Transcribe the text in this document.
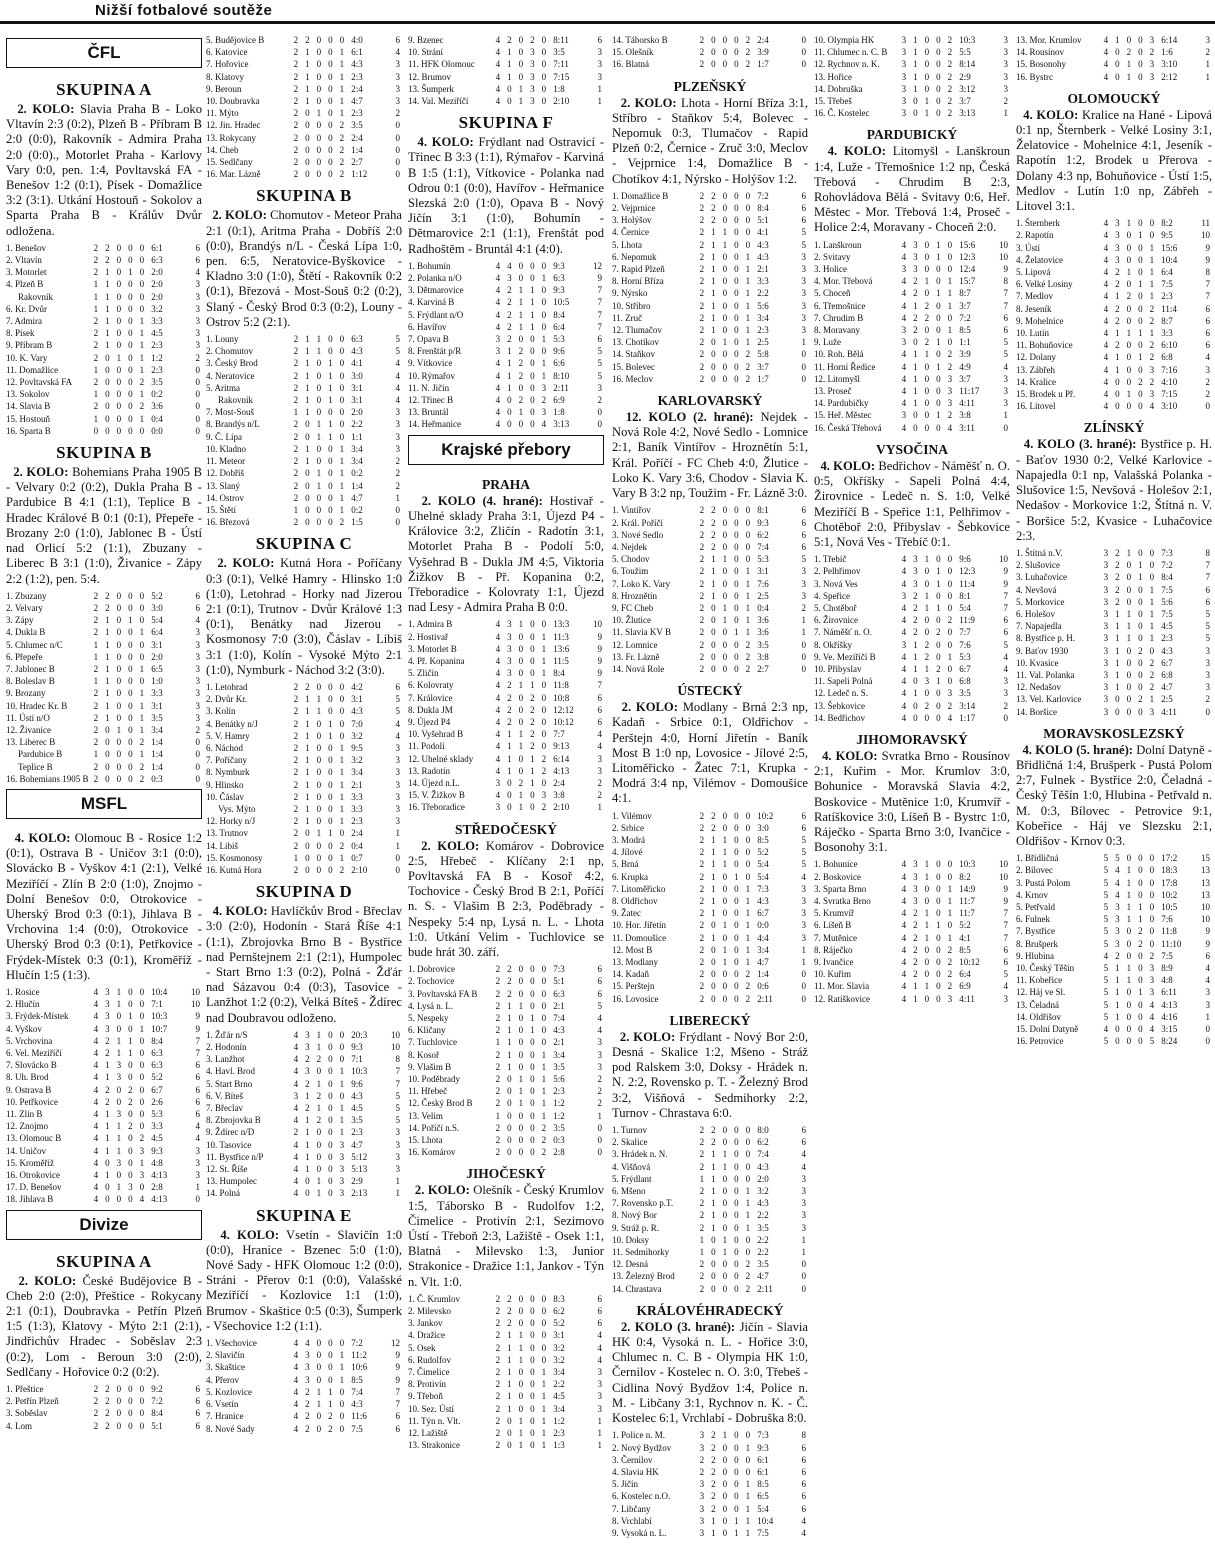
Nižší fotbalové soutěže
ČFL
SKUPINA A

2. KOLO: Slavia Praha B - Loko Vltavín 2:3 (0:2), Plzeň B - Příbram B 2:0 (0:0), Rakovník - Admira Praha 2:0 (0:0)., Motorlet Praha - Karlovy Vary 0:0, pen. 1:4, Povltavská FA - Benešov 1:2 (0:1), Písek - Domažlice 3:2 (3:1). Utkání Hostouň - Sokolov a Sparta Praha B - Králův Dvůr odložena.

1. Benešov	2	2	0	0	0	6:1	6
2. Vltavín	2	2	0	0	0	6:3	6
3. Motorlet	2	1	0	1	0	2:0	4
4. Plzeň B	1	1	0	0	0	2:0	3
Rakovník	1	1	0	0	0	2:0	3
6. Kr. Dvůr	1	1	0	0	0	3:2	3
7. Admira	2	1	0	0	1	3:3	3
8. Písek	2	1	0	0	1	4:5	3
9. Příbram B	2	1	0	0	1	2:3	3
10. K. Vary	2	0	1	0	1	1:2	2
11. Domažlice	1	0	0	0	1	2:3	0
12. Povltavská FA	2	0	0	0	2	3:5	0
13. Sokolov	1	0	0	0	1	0:2	0
14. Slavia B	2	0	0	0	2	3:6	0
15. Hostouň	1	0	0	0	1	0:4	0
16. Sparta B	0	0	0	0	0	0:0	0
SKUPINA B

2. KOLO: Bohemians Praha 1905 B - Velvary 0:2 (0:2), Dukla Praha B - Pardubice B 4:1 (1:1), Teplice B - Hradec Králové B 0:1 (0:1), Přepeře - Brozany 2:0 (1:0), Jablonec B - Ústí nad Orlicí 5:2 (1:1), Zbuzany - Liberec B 3:1 (1:0), Živanice - Zápy 2:2 (1:2), pen. 5:4.

1. Zbuzany	2	2	0	0	0	5:2	6
2. Velvary	2	2	0	0	0	3:0	6
3. Zápy	2	1	0	1	0	5:4	4
4. Dukla B	2	1	0	0	1	6:4	3
5. Chlumec n/C	1	1	0	0	0	3:1	3
6. Přepeře	1	1	0	0	0	2:0	3
7. Jablonec B	2	1	0	0	1	6:5	3
8. Boleslav B	1	1	0	0	0	1:0	3
9. Brozany	2	1	0	0	1	3:3	3
10. Hradec Kr. B	2	1	0	0	1	3:1	3
11. Ústí n/O	2	1	0	0	1	3:5	3
12. Živanice	2	0	1	0	1	3:4	2
13. Liberec B	2	0	0	0	2	1:4	0
Pardubice B	1	0	0	0	1	1:4	0
Teplice B	2	0	0	0	2	1:4	0
16. Bohemians 1905 B	2	0	0	0	2	0:3	0
MSFL

4. KOLO: Olomouc B - Rosice 1:2 (0:1), Ostrava B - Uničov 3:1 (0:0), Slovácko B - Vyškov 4:1 (2:1), Velké Meziříčí - Zlín B 2:0 (1:0), Znojmo - Dolní Benešov 0:0, Otrokovice - Uherský Brod 0:3 (0:1), Jihlava B - Vrchovina 1:4 (0:0), Otrokovice - Uherský Brod 0:3 (0:1), Petřkovice - Frýdek-Místek 0:3 (0:1), Kroměříž - Hlučín 1:5 (1:3).

1. Rosice	4	3	1	0	0	10:4	10
2. Hlučín	4	3	1	0	0	7:1	10
3. Frýdek-Místek	4	3	0	1	0	10:3	9
4. Vyškov	4	3	0	0	1	10:7	9
5. Vrchovina	4	2	1	1	0	8:4	7
6. Vel. Meziříčí	4	2	1	1	0	6:3	7
7. Slovácko B	4	1	3	0	0	6:3	6
8. Uh. Brod	4	1	3	0	0	5:2	6
9. Ostrava B	4	2	0	2	0	6:7	6
10. Petřkovice	4	2	0	2	0	2:6	6
11. Zlín B	4	1	3	0	0	5:3	6
12. Znojmo	4	1	1	2	0	3:3	4
13. Olomouc B	4	1	1	0	2	4:5	4
14. Uničov	4	1	1	0	3	9:3	3
15. Kroměříž	4	0	3	0	1	4:8	3
16. Otrokovice	4	1	0	0	3	4:13	3
17. D. Benešov	4	0	1	3	0	2:8	1
18. Jihlava B	4	0	0	0	4	4:13	0
Divize
SKUPINA A

2. KOLO: České Budějovice B - Cheb 2:0 (2:0), Přeštice - Rokycany 2:1 (0:1), Doubravka - Petřín Plzeň 1:5 (1:3), Klatovy - Mýto 2:1 (2:1), Jindřichův Hradec - Soběslav 2:3 (0:2), Lom - Beroun 3:0 (2:0), Sedlčany - Hořovice 0:2 (0:2).

1. Přeštice	2	2	0	0	0	9:2	6
2. Petřín Plzeň	2	2	0	0	0	7:2	6
3. Soběslav	2	2	0	0	0	8:4	6
4. Lom	2	2	0	0	0	5:1	6
5. Budějovice B	2	2	0	0	0	4:0	6
6. Katovice	2	1	0	0	1	6:1	4
7. Hořovice	2	1	0	0	1	4:3	3
8. Klatovy	2	1	0	0	1	2:3	3
9. Beroun	2	1	0	0	1	2:4	3
10. Doubravka	2	1	0	0	1	4:7	3
11. Mýto	2	0	1	0	1	2:3	2
12. Jin. Hradec	2	0	0	0	2	3:5	0
13. Rokycany	2	0	0	0	2	2:4	0
14. Cheb	2	0	0	0	2	1:4	0
15. Sedlčany	2	0	0	0	2	2:7	0
16. Mar. Lázně	2	0	0	0	2	1:12	0
SKUPINA B

2. KOLO: Chomutov - Meteor Praha 2:1 (0:1), Aritma Praha - Dobříš 2:0 (0:0), Brandýs n/L - Česká Lípa 1:0, pen. 6:5, Neratovice-Byškovice - Kladno 3:0 (1:0), Štětí - Rakovník 0:2 (0:1), Březová - Most-Souš 0:2 (0:2), Slaný - Český Brod 0:3 (0:2), Louny - Ostrov 5:2 (2:1).

1. Louny	2	1	1	0	0	6:3	5
2. Chomutov	2	1	1	0	0	4:3	5
3. Český Brod	2	1	0	1	0	4:1	4
4. Neratovice	2	1	0	1	0	3:0	4
5. Aritma	2	1	0	1	0	3:1	4
Rakovník	2	1	0	1	0	3:1	4
7. Most-Souš	1	1	0	0	0	2:0	3
8. Brandýs n/L	2	0	1	1	0	2:2	3
9. Č. Lípa	2	0	1	1	0	1:1	3
10. Kladno	2	1	0	0	1	3:4	3
11. Meteor	2	1	0	0	1	3:4	2
12. Dobříš	2	0	1	0	1	0:2	2
13. Slaný	2	0	1	0	1	1:4	2
14. Ostrov	2	0	0	0	1	4:7	1
15. Štětí	1	0	0	0	1	0:2	0
16. Březová	2	0	0	0	2	1:5	0
SKUPINA C

2. KOLO: Kutná Hora - Poříčany 0:3 (0:1), Velké Hamry - Hlinsko 1:0 (1:0), Letohrad - Horky nad Jizerou 2:1 (0:1), Trutnov - Dvůr Králové 1:3 (0:1), Benátky nad Jizerou - Kosmonosy 7:0 (3:0), Čáslav - Libiš 3:1 (1:0), Kolín - Vysoké Mýto 2:1 (1:0), Nymburk - Náchod 3:2 (3:0).

1. Letohrad	2	2	0	0	0	4:2	6
2. Dvůr Kr.	2	1	1	0	0	3:1	5
3. Kolín	2	1	1	0	0	4:3	5
4. Benátky n/J	2	1	0	1	0	7:0	4
5. V. Hamry	2	1	0	1	0	3:2	4
6. Náchod	2	1	0	0	1	9:5	3
7. Poříčany	2	1	0	0	1	3:2	3
8. Nymburk	2	1	0	0	1	3:4	3
9. Hlinsko	2	1	0	0	1	2:1	3
10. Čáslav	2	1	0	0	1	3:3	3
Vys. Mýto	2	1	0	0	1	3:3	3
12. Horky n/J	2	1	0	0	1	2:3	3
13. Trutnov	2	0	1	1	0	2:4	1
14. Libiš	2	0	0	0	2	0:4	1
15. Kosmonosy	1	0	0	0	1	0:7	0
16. Kutná Hora	2	0	0	0	2	2:10	0
SKUPINA D

4. KOLO: Havlíčkův Brod - Břeclav 3:0 (2:0), Hodonín - Stará Říše 4:1 (1:1), Zbrojovka Brno B - Bystřice nad Pernštejnem 2:1 (2:1), Humpolec - Start Brno 1:3 (0:2), Polná - Žďár nad Sázavou 0:4 (0:3), Tasovice - Lanžhot 1:2 (0:2), Velká Bíteš - Ždírec nad Doubravou odloženo.

1. Žďár n/S	4	3	1	0	0	20:3	10
2. Hodonín	4	3	1	0	0	9:3	10
3. Lanžhot	4	2	2	0	0	7:1	8
4. Havl. Brod	4	3	0	0	1	10:3	7
5. Start Brno	4	2	1	0	1	9:6	7
6. V. Bíteš	3	1	2	0	0	4:3	5
7. Břeclav	4	2	1	0	1	4:5	5
8. Zbrojovka B	4	1	2	0	1	3:5	5
9. Ždírec n/D	2	1	0	0	1	2:3	3
10. Tasovice	4	1	0	0	3	4:7	3
11. Bystřice n/P	4	1	0	0	3	5:12	3
12. St. Říše	4	1	0	0	3	5:13	3
13. Humpolec	4	0	1	0	3	2:9	1
14. Polná	4	0	1	0	3	2:13	1
SKUPINA E

4. KOLO: Vsetín - Slavičín 1:0 (0:0), Hranice - Bzenec 5:0 (1:0), Nové Sady - HFK Olomouc 1:2 (0:0), Stráni - Přerov 0:1 (0:0), Valašské Meziříčí - Kozlovice 1:1 (1:0), Brumov - Skaštice 0:5 (0:3), Šumperk - Všechovice 1:2 (1:1).

1. Všechovice	4	4	0	0	0	7:2	12
2. Slavičín	4	3	0	0	1	11:2	9
3. Skaštice	4	3	0	0	1	10:6	9
4. Přerov	4	3	0	0	1	8:5	9
5. Kozlovice	4	2	1	1	0	7:4	7
6. Vsetín	4	2	1	1	0	4:3	7
7. Hranice	4	2	0	2	0	11:6	6
8. Nové Sady	4	2	0	2	0	7:5	6
9. Bzenec	4	2	0	2	0	8:11	6
10. Strání	4	1	0	3	0	3:5	3
11. HFK Olomouc	4	1	0	3	0	7:11	3
12. Brumov	4	1	0	3	0	7:15	3
13. Šumperk	4	0	1	3	0	1:8	1
14. Val. Meziříčí	4	0	1	3	0	2:10	1
SKUPINA F

4. KOLO: Frýdlant nad Ostravicí - Třinec B 3:3 (1:1), Rýmařov - Karviná B 1:5 (1:1), Vítkovice - Polanka nad Odrou 0:1 (0:0), Havířov - Heřmanice Slezská 2:0 (1:0), Opava B - Nový Jičín 3:1 (1:0), Bohumín - Dětmarovice 2:1 (1:1), Frenštát pod Radhoštěm - Bruntál 4:1 (4:0).

1. Bohumín	4	4	0	0	0	9:3	12
2. Polanka n/O	4	3	0	0	1	6:3	9
3. Dětmarovice	4	2	1	1	0	9:3	7
4. Karviná B	4	2	1	1	0	10:5	7
5. Frýdlant n/O	4	2	1	1	0	8:4	7
6. Havířov	4	2	1	1	0	6:4	7
7. Opava B	3	2	0	0	1	5:3	6
8. Frenštát p/R	3	1	2	0	0	9:6	5
9. Vítkovice	4	1	2	0	1	6:6	5
10. Rýmařov	4	1	2	0	1	8:10	5
11. N. Jičín	4	1	0	0	3	2:11	3
12. Třinec B	4	0	2	0	2	6:9	2
13. Bruntál	4	0	1	0	3	1:8	0
14. Heřmanice	4	0	0	0	4	3:13	0
Krajské přebory
PRAHA

2. KOLO (4. hrané): Hostivař - Uhelné sklady Praha 3:1, Újezd P4 - Královice 3:2, Zličín - Radotín 3:1, Motorlet Praha B - Podolí 5:0, Vyšehrad B - Dukla JM 4:5, Viktoria Žižkov B - Př. Kopanina 0:2, Třeboradice - Kolovraty 1:1, Újezd nad Lesy - Admira Praha B 0:0.

1. Admira B	4	3	1	0	0	13:3	10
2. Hostivař	4	3	0	0	1	11:3	9
3. Motorlet B	4	3	0	0	1	13:6	9
4. Př. Kopanina	4	3	0	0	1	11:5	9
5. Zličín	4	3	0	0	1	8:4	9
6. Kolovraty	4	2	1	1	0	11:8	7
7. Královice	4	2	0	2	0	10:8	6
8. Dukla JM	4	2	0	2	0	12:12	6
9. Újezd P4	4	2	0	2	0	10:12	6
10. Vyšehrad B	4	1	1	2	0	7:7	4
11. Podolí	4	1	1	2	0	9:13	4
12. Uhelné sklady	4	1	0	1	2	6:14	3
13. Radotín	4	1	0	1	2	4:13	3
14. Újezd n.L.	3	0	2	1	0	2:4	2
15. V. Žižkov B	4	0	1	0	3	3:8	2
16. Třeboradice	3	0	1	0	2	2:10	1
STŘEDOČESKÝ

2. KOLO: Komárov - Dobrovice 2:5, Hřebeč - Klíčany 2:1 np, Povltavská FA B - Kosoř 4:2, Tochovice - Český Brod B 2:1, Poříčí n. S. - Vlašim B 2:3, Poděbrady - Nespeky 5:4 np, Lysá n. L. - Lhota 1:0. Utkání Velim - Tuchlovice se bude hrát 30. září.

1. Dobrovice	2	2	0	0	0	7:3	6
2. Tochovice	2	2	0	0	0	5:1	6
3. Povltavská FA B	2	2	0	0	0	6:3	6
4. Lysá n. L.	2	1	1	0	0	2:1	5
5. Nespeky	2	1	0	1	0	7:4	4
6. Klíčany	2	1	0	1	0	4:3	4
7. Tuchlovice	1	1	0	0	0	2:1	3
8. Kosoř	2	1	0	0	1	3:4	3
9. Vlašim B	2	1	0	0	1	3:5	3
10. Poděbrady	2	0	1	0	1	5:6	2
11. Hřebeč	2	0	1	0	1	2:3	2
12. Český Brod B	2	0	1	0	1	1:2	2
13. Velim	1	0	0	0	1	1:2	1
14. Poříčí n.S.	2	0	0	0	2	3:5	0
15. Lhota	2	0	0	0	2	0:3	0
16. Komárov	2	0	0	0	2	2:8	0
JIHOČESKÝ

2. KOLO: Olešník - Český Krumlov 1:5, Táborsko B - Rudolfov 1:2, Čimelice - Protivín 2:1, Sezimovo Ústí - Třeboň 2:3, Lažiště - Osek 1:1, Blatná - Milevsko 1:3, Junior Strakonice - Dražice 1:1, Jankov - Týn n. Vlt. 1:0.

1. Č. Krumlov	2	2	0	0	0	8:3	6
2. Milevsko	2	2	0	0	0	6:2	6
3. Jankov	2	2	0	0	0	5:2	6
4. Dražice	2	1	1	0	0	3:1	4
5. Osek	2	1	1	0	0	3:2	4
6. Rudolfov	2	1	1	0	0	3:2	4
7. Čimelice	2	1	0	0	1	3:4	3
8. Protivín	2	1	0	0	1	2:2	3
9. Třeboň	2	1	0	0	1	4:5	3
10. Sez. Ústí	2	1	0	0	1	3:4	3
11. Týn n. Vlt.	2	0	1	0	1	1:2	1
12. Lažiště	2	0	1	0	1	2:3	1
13. Strakonice	2	0	1	0	1	1:3	1
14. Táborsko B	2	0	0	0	2	2:4	0
15. Olešník	2	0	0	0	2	3:9	0
16. Blatná	2	0	0	0	2	1:7	0
PLZEŇSKÝ

2. KOLO: Lhota - Horní Bříza 3:1, Stříbro - Staňkov 5:4, Bolevec - Nepomuk 0:3, Tlumačov - Rapid Plzeň 0:2, Černice - Zruč 3:0, Meclov - Vejprnice 1:4, Domažlice B - Chotíkov 4:1, Nýrsko - Holýšov 1:2.

1. Domažlice B	2	2	0	0	0	7:2	6
2. Vejprnice	2	2	0	0	0	8:4	6
3. Holýšov	2	2	0	0	0	5:1	6
4. Černice	2	1	1	0	0	4:1	5
5. Lhota	2	1	1	0	0	4:3	5
6. Nepomuk	2	1	0	0	1	4:3	3
7. Rapid Plzeň	2	1	0	0	1	2:1	3
8. Horní Bříza	2	1	0	0	1	3:3	3
9. Nýrsko	2	1	0	0	1	2:2	3
10. Stříbro	2	1	0	0	1	5:6	3
11. Zruč	2	1	0	0	1	3:4	3
12. Tlumačov	2	1	0	0	1	2:3	3
13. Chotíkov	2	0	1	0	1	2:5	1
14. Staňkov	2	0	0	0	2	5:8	0
15. Bolevec	2	0	0	0	2	3:7	0
16. Meclov	2	0	0	0	2	1:7	0
KARLOVARSKÝ

12. KOLO (2. hrané): Nejdek - Nová Role 4:2, Nové Sedlo - Lomnice 2:1, Baník Vintířov - Hroznětín 5:1, Král. Poříčí - FC Cheb 4:0, Žlutice - Loko K. Vary 3:6, Chodov - Slavia K. Vary B 3:2 np, Toužim - Fr. Lázně 3:0.

1. Vintířov	2	2	0	0	0	8:1	6
2. Král. Poříčí	2	2	0	0	0	9:3	6
3. Nové Sedlo	2	2	0	0	0	6:2	6
4. Nejdek	2	2	0	0	0	7:4	6
5. Chodov	2	1	1	0	0	5:3	5
6. Toužim	2	1	0	0	1	3:1	3
7. Loko K. Vary	2	1	0	0	1	7:6	3
8. Hroznětín	2	1	0	0	1	2:5	3
9. FC Cheb	2	0	1	0	1	0:4	2
10. Žlutice	2	0	1	0	1	3:6	1
11. Slavia KV B	2	0	0	1	1	3:6	1
12. Lomnice	2	0	0	0	2	3:5	0
13. Fr. Lázně	2	0	0	0	2	3:8	0
14. Nová Role	2	0	0	0	2	2:7	0
ÚSTECKÝ

2. KOLO: Modlany - Brná 2:3 np, Kadaň - Srbice 0:1, Oldřichov - Perštejn 4:0, Horní Jiřetín - Baník Most B 1:0 np, Lovosice - Jílové 2:5, Litoměřicko - Žatec 7:1, Krupka - Modrá 3:4 np, Vilémov - Domoušice 4:1.

1. Vilémov	2	2	0	0	0	10:2	6
2. Srbice	2	2	0	0	0	3:0	6
3. Modrá	2	1	1	0	0	8:5	5
4. Jílové	2	1	1	0	0	5:2	5
5. Brná	2	1	1	0	0	5:4	5
6. Krupka	2	1	0	1	0	5:4	4
7. Litoměřicko	2	1	0	0	1	7:3	3
8. Oldřichov	2	1	0	0	1	4:3	3
9. Žatec	2	1	0	0	1	6:7	3
10. Hor. Jiřetín	2	0	1	0	1	0:0	3
11. Domoušice	2	1	0	0	1	4:4	3
12. Most B	2	0	1	0	1	3:4	1
13. Modlany	2	0	1	0	1	4:7	1
14. Kadaň	2	0	0	0	2	1:4	0
15. Perštejn	2	0	0	0	2	0:6	0
16. Lovosice	2	0	0	0	2	2:11	0
LIBERECKÝ

2. KOLO: Frýdlant - Nový Bor 2:0, Desná - Skalice 1:2, Mšeno - Stráž pod Ralskem 3:0, Doksy - Hrádek n. N. 2:2, Rovensko p. T. - Železný Brod 3:2, Višňová - Sedmihorky 2:2, Turnov - Chrastava 6:0.

1. Turnov	2	2	0	0	0	8:0	6
2. Skalice	2	2	0	0	0	6:2	6
3. Hrádek n. N.	2	1	1	0	0	7:4	4
4. Višňová	2	1	1	0	0	4:3	4
5. Frýdlant	1	1	0	0	0	2:0	3
6. Mšeno	2	1	0	0	1	3:2	3
7. Rovensko p.T.	2	1	0	0	1	4:3	3
8. Nový Bor	2	1	0	0	1	2:2	3
9. Stráž p. R.	2	1	0	0	1	3:5	3
10. Doksy	1	0	1	0	0	2:2	1
11. Sedmihorky	1	0	1	0	0	2:2	1
12. Desná	2	0	0	0	2	3:5	0
13. Železný Brod	2	0	0	0	2	4:7	0
14. Chrastava	2	0	0	0	2	2:11	0
KRÁLOVÉHRADECKÝ

2. KOLO (3. hrané): Jičín - Slavia HK 0:4, Vysoká n. L. - Hořice 3:0, Chlumec n. C. B - Olympia HK 1:0, Černilov - Kostelec n. O. 3:0, Třebeš - Cidlina Nový Bydžov 1:4, Police n. M. - Libčany 3:1, Rychnov n. K. - Č. Kostelec 6:1, Vrchlabí - Dobruška 8:0.

1. Police n. M.	3	2	1	0	0	7:3	8
2. Nový Bydžov	3	2	0	0	1	9:3	6
3. Černilov	2	2	0	0	0	6:1	6
4. Slavia HK	2	2	0	0	0	6:1	6
5. Jičín	3	2	0	0	1	8:5	6
6. Kostelec n.O.	3	2	0	0	1	6:5	6
7. Libčany	3	2	0	0	1	5:4	6
8. Vrchlabí	3	1	0	1	1	10:4	4
9. Vysoká n. L.	3	1	0	1	1	7:5	4
10. Olympia HK	3	1	0	0	2	10:3	3
11. Chlumec n. C. B	3	1	0	0	2	5:5	3
12. Rychnov n. K.	3	1	0	0	2	8:14	3
13. Hořice	3	1	0	0	2	2:9	3
14. Dobruška	3	1	0	0	2	3:12	3
15. Třebeš	3	0	1	0	2	3:7	2
16. Č. Kostelec	3	0	1	0	2	3:13	1
PARDUBICKÝ

4. KOLO: Litomyšl - Lanškroun 1:4, Luže - Třemošnice 1:2 np, Česká Třebová - Chrudim B 2:3, Rohovládova Bělá - Svitavy 0:6, Heř. Městec - Mor. Třebová 1:4, Proseč - Holice 2:4, Moravany - Choceň 2:0.

1. Lanškroun	4	3	0	1	0	15:6	10
2. Svitavy	4	3	0	1	0	12:3	10
3. Holice	3	3	0	0	0	12:4	9
4. Mor. Třebová	4	2	1	0	1	15:7	8
5. Choceň	4	2	0	1	1	8:7	7
6. Třemošnice	4	1	2	0	1	3:7	7
7. Chrudim B	4	2	2	0	0	7:2	6
8. Moravany	3	2	0	0	1	8:5	6
9. Luže	3	0	2	1	0	1:1	5
10. Roh. Bělá	4	1	1	0	2	3:9	5
11. Horní Ředice	4	1	0	1	2	4:9	4
12. Litomyšl	4	1	0	0	3	3:7	3
13. Proseč	4	1	0	0	3	11:17	3
14. Pardubičky	4	1	0	0	3	4:11	3
15. Heř. Městec	3	0	0	1	2	3:8	1
16. Česká Třebová	4	0	0	0	4	3:11	0
VYSOČINA

4. KOLO: Bedřichov - Náměšť n. O. 0:5, Okříšky - Sapeli Polná 4:4, Žirovnice - Ledeč n. S. 1:0, Velké Meziříčí B - Speřice 1:1, Pelhřimov - Chotěboř 2:0, Přibyslav - Šebkovice 5:1, Nová Ves - Třebíč 0:1.

1. Třebíč	4	3	1	0	0	9:6	10
2. Pelhřimov	4	3	0	1	0	12:3	9
3. Nová Ves	4	3	0	1	0	11:4	9
4. Speřice	3	2	1	0	0	8:1	7
5. Chotěboř	4	2	1	1	0	5:4	7
6. Žirovnice	4	2	0	0	2	11:9	6
7. Náměšť n. O.	4	2	0	2	0	7:7	6
8. Okříšky	3	1	2	0	0	7:6	5
9. Ve. Meziříčí B	4	1	2	0	1	5:3	4
10. Přibyslav	4	1	1	2	0	6:7	4
11. Sapeli Polná	4	0	3	1	0	6:8	3
12. Ledeč n. S.	4	1	0	0	3	3:5	3
13. Šebkovice	4	0	2	0	2	3:14	2
14. Bedřichov	4	0	0	0	4	1:17	0
JIHOMORAVSKÝ

4. KOLO: Svratka Brno - Rousínov 2:1, Kuřim - Mor. Krumlov 3:0, Bohunice - Moravská Slavia 4:2, Boskovice - Mutěnice 1:0, Krumvíř - Ratíškovice 3:0, Líšeň B - Bystrc 1:0, Ráječko - Sparta Brno 3:0, Ivančice - Bosonohy 3:1.

1. Bohunice	4	3	1	0	0	10:3	10
2. Boskovice	4	3	1	0	0	8:2	10
3. Sparta Brno	4	3	0	0	1	14:9	9
4. Svratka Brno	4	3	0	0	1	11:7	9
5. Krumvíř	4	2	1	0	1	11:7	7
6. Líšeň B	4	2	1	1	0	5:2	7
7. Mutěnice	4	2	1	0	1	4:1	7
8. Ráječko	4	2	0	0	2	8:5	6
9. Ivančice	4	2	0	0	2	10:12	6
10. Kuřim	4	2	0	0	2	6:4	5
11. Mor. Slavia	4	1	1	0	2	6:9	4
12. Ratíškovice	4	1	0	0	3	4:11	3
13. Mor. Krumlov	4	1	0	0	3	6:14	3
14. Rousínov	4	0	2	0	2	1:6	2
15. Bosonohy	4	0	1	0	3	3:10	1
16. Bystrc	4	0	1	0	3	2:12	1
OLOMOUCKÝ

4. KOLO: Kralice na Hané - Lipová 0:1 np, Šternberk - Velké Losiny 3:1, Želatovice - Mohelnice 4:1, Jeseník - Rapotín 1:2, Brodek u Přerova - Dolany 4:3 np, Bohuňovice - Ústí 1:5, Medlov - Lutín 1:0 np, Zábřeh - Litovel 3:1.

1. Šternberk	4	3	1	0	0	8:2	11
2. Rapotín	4	3	0	1	0	9:5	10
3. Ústí	4	3	0	0	1	15:6	9
4. Želatovice	4	3	0	0	1	10:4	9
5. Lipová	4	2	1	0	1	6:4	8
6. Velké Losiny	4	2	0	1	1	7:5	7
7. Medlov	4	1	2	0	1	2:3	7
8. Jeseník	4	2	0	0	2	11:4	6
9. Mohelnice	4	2	0	0	2	8:7	6
10. Lutín	4	1	1	1	1	3:3	6
11. Bohuňovice	4	2	0	0	2	6:10	6
12. Dolany	4	1	0	1	2	6:8	4
13. Zábřeh	4	1	0	0	3	7:16	3
14. Kralice	4	0	0	2	2	4:10	2
15. Brodek u Př.	4	0	1	0	3	7:15	2
16. Litovel	4	0	0	0	4	3:10	0
ZLÍNSKÝ

4. KOLO (3. hrané): Bystřice p. H. - Baťov 1930 0:2, Velké Karlovice - Napajedla 0:1 np, Valašská Polanka - Slušovice 1:5, Nevšová - Holešov 2:1, Nedašov - Morkovice 1:2, Štítná n. V. - Boršice 5:2, Kvasice - Luhačovice 2:3.

1. Štítná n.V.	3	2	1	0	0	7:3	8
2. Slušovice	3	2	0	1	0	7:2	7
3. Luhačovice	3	2	0	1	0	8:4	7
4. Nevšová	3	2	0	0	1	7:5	6
5. Morkovice	3	2	0	0	1	5:6	6
6. Holešov	3	1	1	0	1	7:5	5
7. Napajedla	3	1	1	0	1	4:5	5
8. Bystřice p. H.	3	1	1	0	1	2:3	5
9. Baťov 1930	3	1	0	2	0	4:3	3
10. Kvasice	3	1	0	0	2	6:7	3
11. Val. Polanka	3	1	0	0	2	6:8	3
12. Nedašov	3	1	0	0	2	4:7	3
13. Vel. Karlovice	3	0	0	2	1	2:5	2
14. Boršice	3	0	0	0	3	4:11	0
MORAVSKOSLEZSKÝ

4. KOLO (5. hrané): Dolní Datyně - Břidličná 1:4, Brušperk - Pustá Polom 2:7, Fulnek - Bystřice 2:0, Čeladná - Český Těšín 1:0, Hlubina - Petřvald n. M. 0:3, Bílovec - Petrovice 9:1, Kobeřice - Háj ve Slezsku 2:1, Oldřišov - Krnov 0:3.

1. Břidličná	5	5	0	0	0	17:2	15
2. Bílovec	5	4	1	0	0	18:3	13
3. Pustá Polom	5	4	1	0	0	17:8	13
4. Krnov	5	4	1	0	0	10:2	13
5. Petřvald	5	3	1	1	0	10:5	10
6. Fulnek	5	3	1	1	0	7:6	10
7. Bystřice	5	3	0	2	0	11:8	9
8. Brušperk	5	3	0	2	0	11:10	9
9. Hlubina	4	2	0	0	2	7:5	6
10. Český Těšín	5	1	1	0	3	8:9	4
11. Kobeřice	5	1	1	0	3	4:8	4
12. Háj ve Sl.	5	1	0	1	3	6:11	3
13. Čeladná	5	1	0	0	4	4:13	3
14. Oldřišov	5	1	0	0	4	4:16	1
15. Dolní Datyně	4	0	0	0	4	3:15	0
16. Petrovice	5	0	0	0	5	8:24	0
